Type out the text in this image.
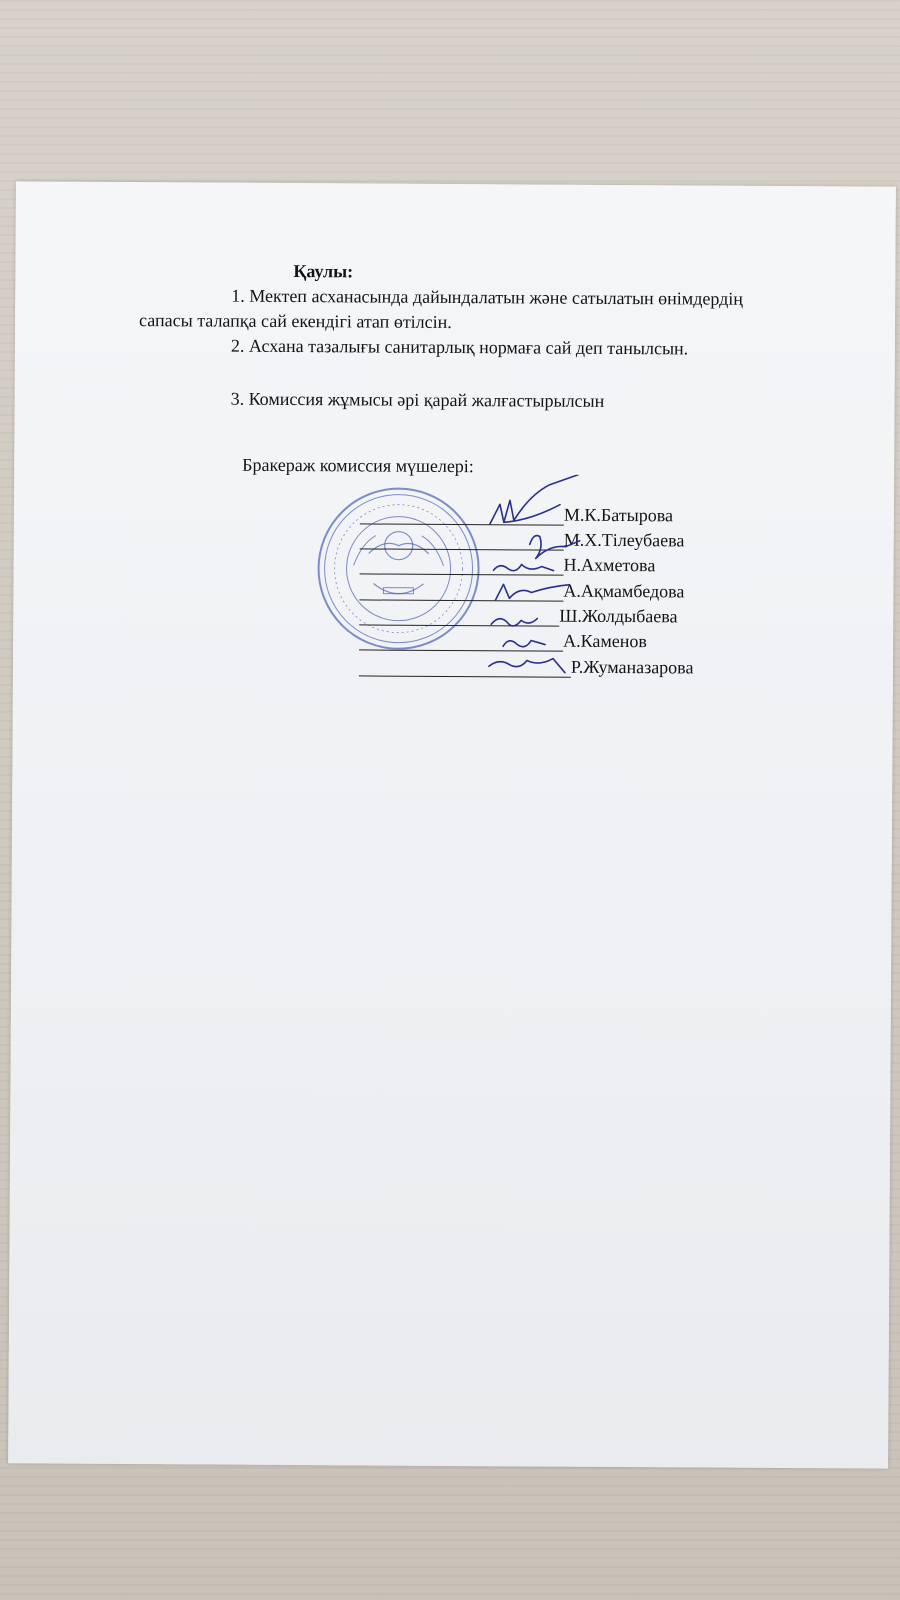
Қаулы:
1. Мектеп асханасында дайындалатын және сатылатын өнімдердің
сапасы талапқа сай екендігі атап өтілсін.
2. Асхана тазалығы санитарлық нормаға сай деп танылсын.
3. Комиссия жұмысы әрі қарай жалғастырылсын
Бракераж комиссия мүшелері:
М.К.Батырова
М.Х.Тілеубаева
Н.Ахметова
А.Ақмамбедова
Ш.Жолдыбаева
А.Каменов
Р.Жуманазарова
